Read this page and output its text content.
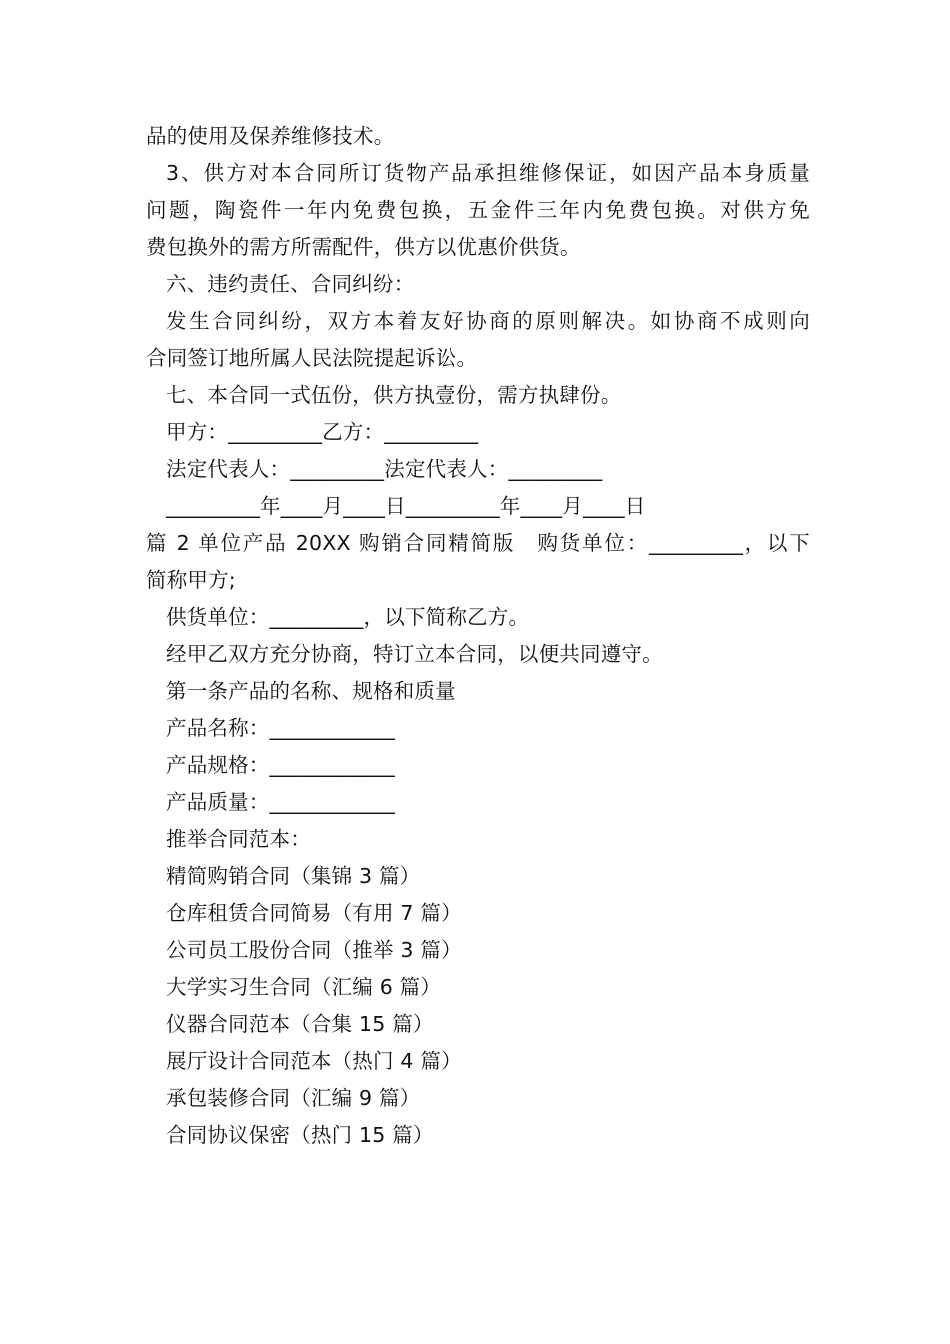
品的使用及保养维修技术。
3、供方对本合同所订货物产品承担维修保证，如因产品本身质量
问题，陶瓷件一年内免费包换，五金件三年内免费包换。对供方免
费包换外的需方所需配件，供方以优惠价供货。
六、违约责任、合同纠纷：
发生合同纠纷，双方本着友好协商的原则解决。如协商不成则向
合同签订地所属人民法院提起诉讼。
七、本合同一式伍份，供方执壹份，需方执肆份。
甲方：_________乙方：_________
法定代表人：_________法定代表人：_________
_________年____月____日_________年____月____日
篇 2 单位产品 20XX 购销合同精简版　购货单位：_________，以下
简称甲方;
供货单位：_________，以下简称乙方。
经甲乙双方充分协商，特订立本合同，以便共同遵守。
第一条产品的名称、规格和质量
产品名称：____________
产品规格：____________
产品质量：____________
推举合同范本：
精简购销合同（集锦 3 篇）
仓库租赁合同简易（有用 7 篇）
公司员工股份合同（推举 3 篇）
大学实习生合同（汇编 6 篇）
仪器合同范本（合集 15 篇）
展厅设计合同范本（热门 4 篇）
承包装修合同（汇编 9 篇）
合同协议保密（热门 15 篇）
